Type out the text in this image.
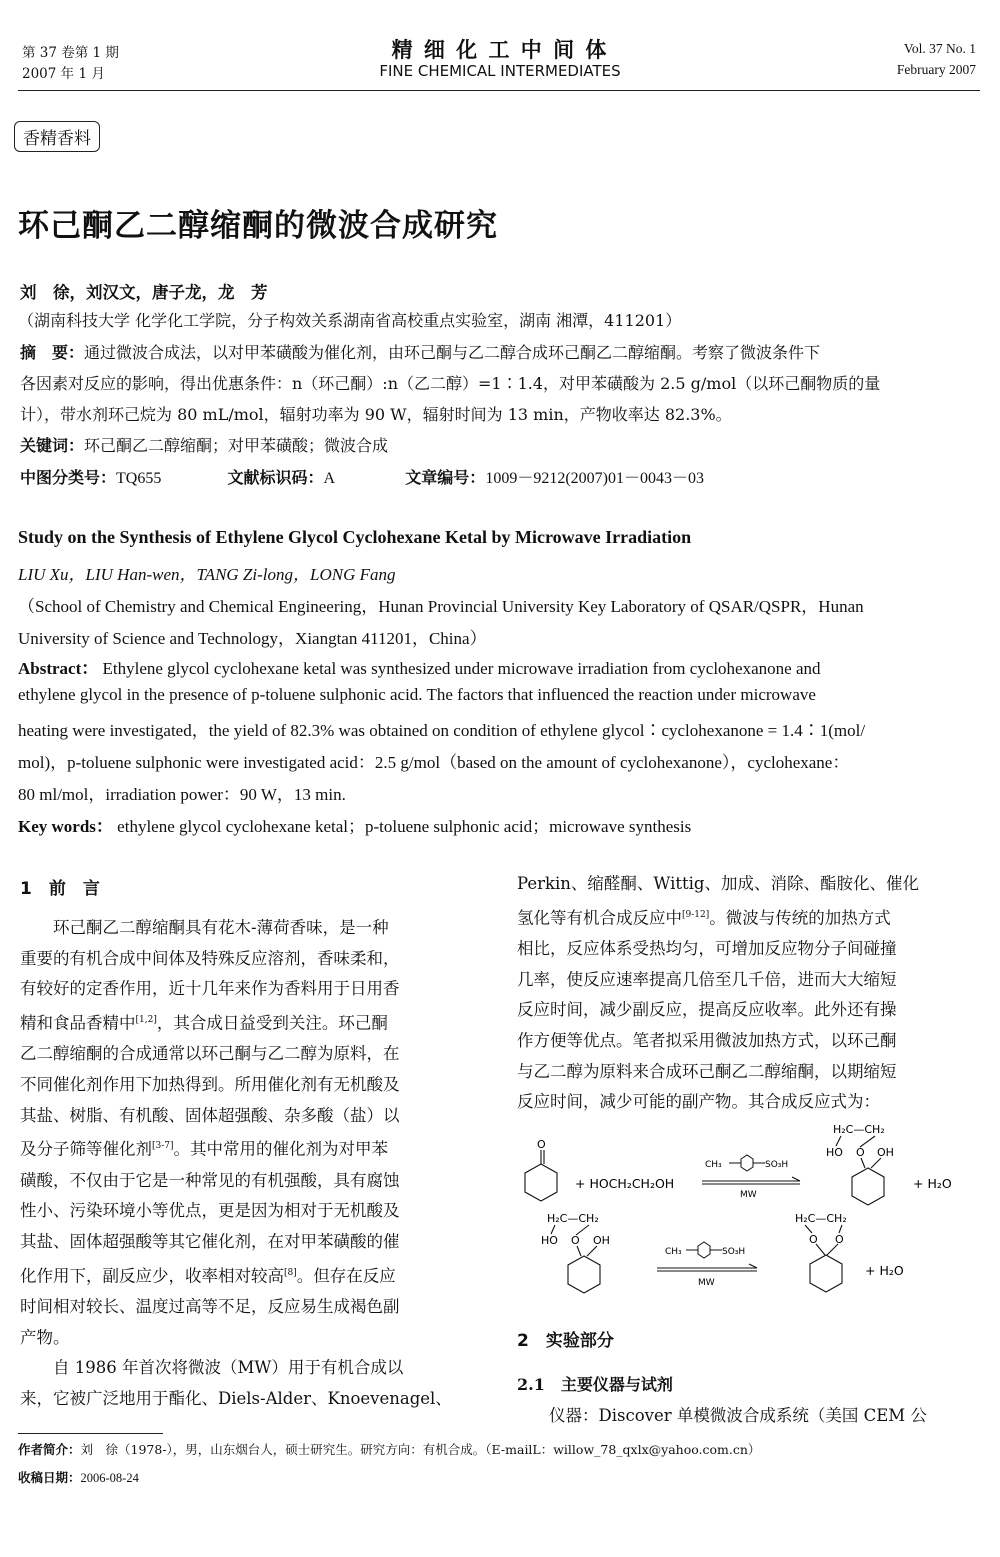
第 37 卷第 1 期
2007 年 1 月
精 细 化 工 中 间 体
FINE CHEMICAL INTERMEDIATES
Vol. 37 No. 1
February 2007
香精香料
环己酮乙二醇缩酮的微波合成研究
刘　徐，刘汉文，唐子龙，龙　芳
（湖南科技大学 化学化工学院，分子构效关系湖南省高校重点实验室，湖南 湘潭，411201）
摘　要：通过微波合成法，以对甲苯磺酸为催化剂，由环己酮与乙二醇合成环己酮乙二醇缩酮。考察了微波条件下
各因素对反应的影响，得出优惠条件：n（环己酮）:n（乙二醇）=1∶1.4，对甲苯磺酸为 2.5 g/mol（以环己酮物质的量
计），带水剂环己烷为 80 mL/mol，辐射功率为 90 W，辐射时间为 13 min，产物收率达 82.3%。
关键词：环己酮乙二醇缩酮；对甲苯磺酸；微波合成
中图分类号：TQ655	文献标识码：A	文章编号：1009－9212(2007)01－0043－03
Study on the Synthesis of Ethylene Glycol Cyclohexane Ketal by Microwave Irradiation
LIU Xu，LIU Han-wen，TANG Zi-long，LONG Fang
（School of Chemistry and Chemical Engineering，Hunan Provincial University Key Laboratory of QSAR/QSPR，Hunan
University of Science and Technology，Xiangtan 411201，China）
Abstract： Ethylene glycol cyclohexane ketal was synthesized under microwave irradiation from cyclohexanone and
ethylene glycol in the presence of p-toluene sulphonic acid. The factors that influenced the reaction under microwave
heating were investigated，the yield of 82.3% was obtained on condition of ethylene glycol∶cyclohexanone = 1.4∶1(mol/
mol)，p-toluene sulphonic were investigated acid：2.5 g/mol（based on the amount of cyclohexanone），cyclohexane：
80 ml/mol，irradiation power：90 W，13 min.
Key words： ethylene glycol cyclohexane ketal；p-toluene sulphonic acid；microwave synthesis
1　前　言
环己酮乙二醇缩酮具有花木-薄荷香味，是一种
重要的有机合成中间体及特殊反应溶剂，香味柔和，
有较好的定香作用，近十几年来作为香料用于日用香
精和食品香精中[1,2]，其合成日益受到关注。环己酮
乙二醇缩酮的合成通常以环己酮与乙二醇为原料，在
不同催化剂作用下加热得到。所用催化剂有无机酸及
其盐、树脂、有机酸、固体超强酸、杂多酸（盐）以
及分子筛等催化剂[3-7]。其中常用的催化剂为对甲苯
磺酸，不仅由于它是一种常见的有机强酸，具有腐蚀
性小、污染环境小等优点，更是因为相对于无机酸及
其盐、固体超强酸等其它催化剂，在对甲苯磺酸的催
化作用下，副反应少，收率相对较高[8]。但存在反应
时间相对较长、温度过高等不足，反应易生成褐色副
产物。
自 1986 年首次将微波（MW）用于有机合成以
来，它被广泛地用于酯化、Diels-Alder、Knoevenagel、
Perkin、缩醛酮、Wittig、加成、消除、酯胺化、催化
氢化等有机合成反应中[9-12]。微波与传统的加热方式
相比，反应体系受热均匀，可增加反应物分子间碰撞
几率，使反应速率提高几倍至几千倍，进而大大缩短
反应时间，减少副反应，提高反应收率。此外还有操
作方便等优点。笔者拟采用微波加热方式，以环己酮
与乙二醇为原料来合成环己酮乙二醇缩酮，以期缩短
反应时间，减少可能的副产物。其合成反应式为：
O
+ HOCH₂CH₂OH
CH₃	SO₃H
MW
H₂C—CH₂
HO O OH
+ H₂O
H₂C—CH₂
HO O OH
CH₃	SO₃H
MW
H₂C—CH₂
O O
+ H₂O
2　实验部分
2.1　主要仪器与试剂
仪器：Discover 单模微波合成系统（美国 CEM 公
作者简介：刘　徐（1978-），男，山东烟台人，硕士研究生。研究方向：有机合成。（E-mailL：willow_78_qxlx@yahoo.com.cn）
收稿日期：2006-08-24
